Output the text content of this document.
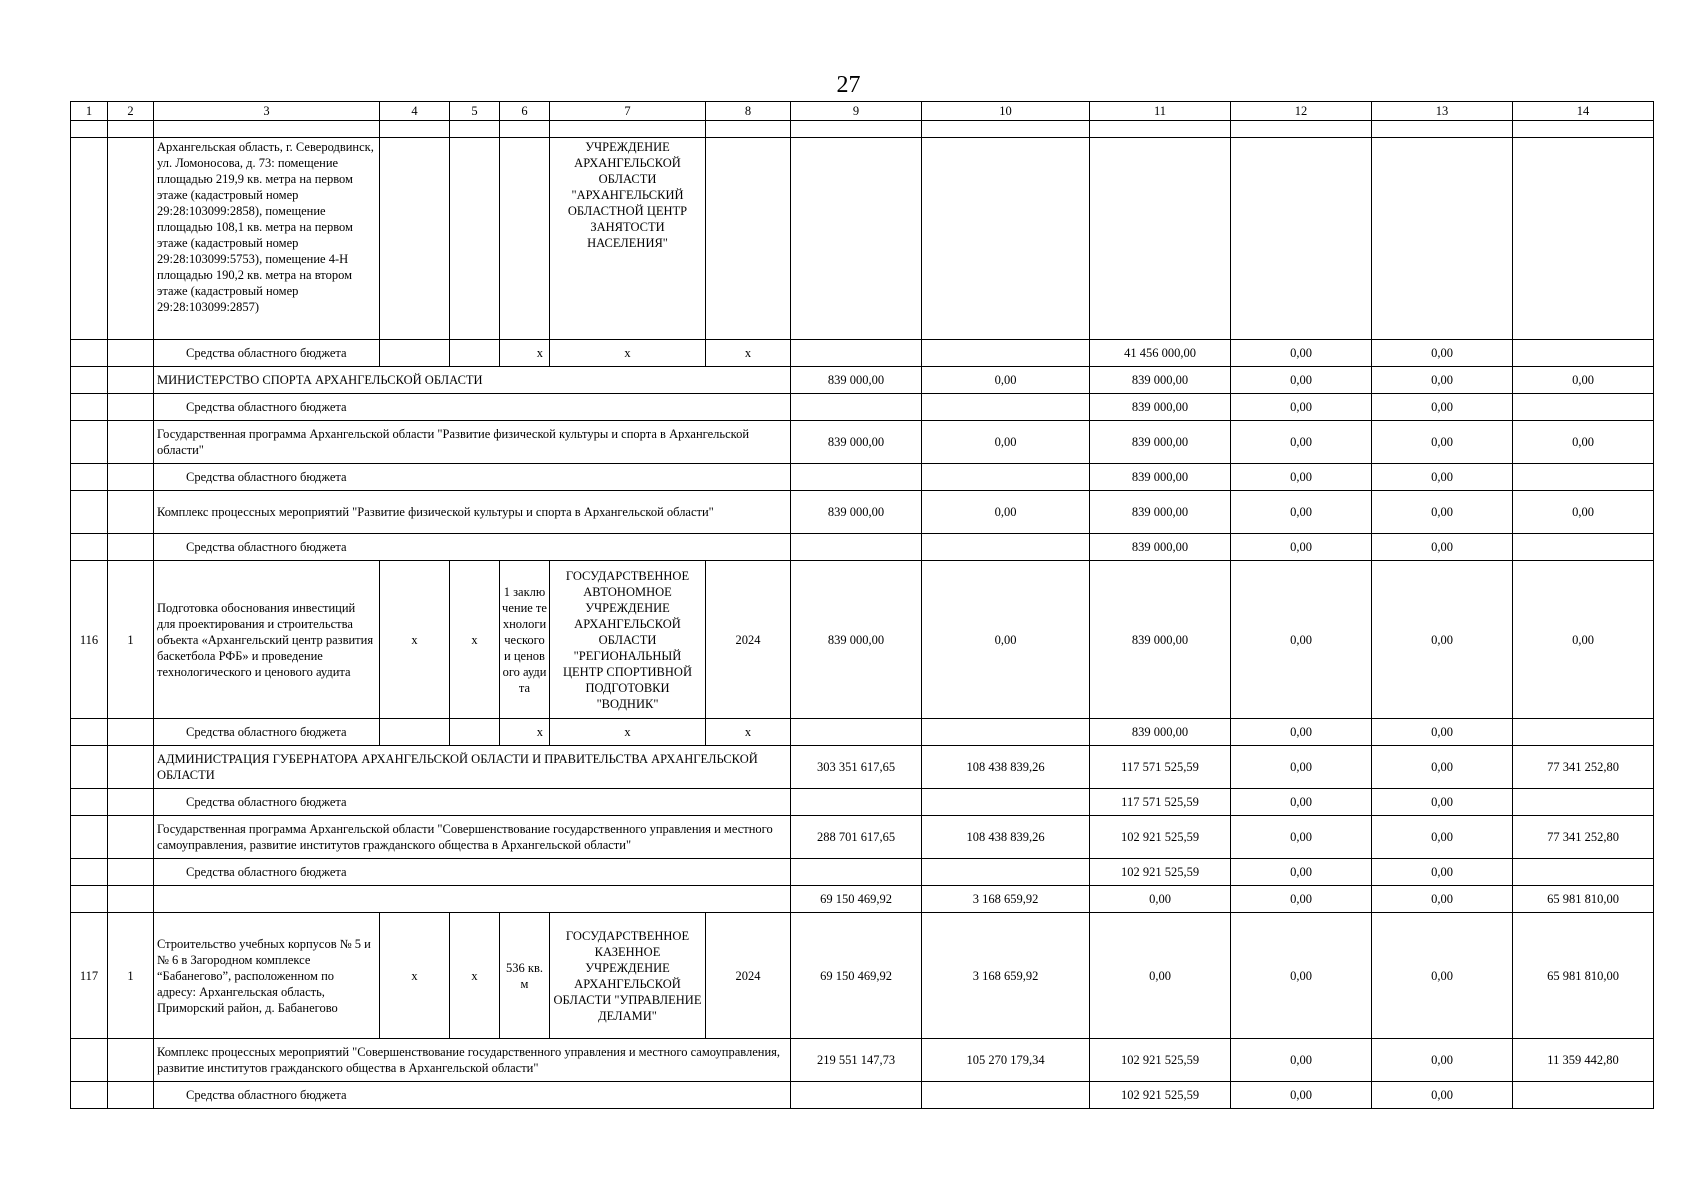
27
1	2	3	4	5	6	7	8	9	10	11	12	13	14

		Архангельская область, г. Северодвинск, ул. Ломоносова, д. 73: помещение площадью 219,9 кв. метра на первом этаже (кадастровый номер 29:28:103099:2858), помещение площадью 108,1 кв. метра на первом этаже (кадастровый номер 29:28:103099:5753), помещение 4-Н площадью 190,2 кв. метра на втором этаже (кадастровый номер 29:28:103099:2857)				УЧРЕЖДЕНИЕ АРХАНГЕЛЬСКОЙ ОБЛАСТИ "АРХАНГЕЛЬСКИЙ ОБЛАСТНОЙ ЦЕНТР ЗАНЯТОСТИ НАСЕЛЕНИЯ"							
		Средства областного бюджета			х	х	х			41 456 000,00	0,00	0,00	
		МИНИСТЕРСТВО СПОРТА АРХАНГЕЛЬСКОЙ ОБЛАСТИ						839 000,00	0,00	839 000,00	0,00	0,00	0,00
		Средства областного бюджета								839 000,00	0,00	0,00	
		Государственная программа Архангельской области "Развитие физической культуры и спорта в Архангельской области"						839 000,00	0,00	839 000,00	0,00	0,00	0,00
		Средства областного бюджета								839 000,00	0,00	0,00	
		Комплекс процессных мероприятий "Развитие физической культуры и спорта в Архангельской области"						839 000,00	0,00	839 000,00	0,00	0,00	0,00
		Средства областного бюджета								839 000,00	0,00	0,00	
116	1	Подготовка обоснования инвестиций для проектирования и строительства объекта «Архангельский центр развития баскетбола РФБ» и проведение технологического и ценового аудита	х	х	1 заключение технологического и ценового аудита	ГОСУДАРСТВЕННОЕ АВТОНОМНОЕ УЧРЕЖДЕНИЕ АРХАНГЕЛЬСКОЙ ОБЛАСТИ "РЕГИОНАЛЬНЫЙ ЦЕНТР СПОРТИВНОЙ ПОДГОТОВКИ "ВОДНИК"	2024	839 000,00	0,00	839 000,00	0,00	0,00	0,00
		Средства областного бюджета			х	х	х			839 000,00	0,00	0,00	
		АДМИНИСТРАЦИЯ ГУБЕРНАТОРА АРХАНГЕЛЬСКОЙ ОБЛАСТИ И ПРАВИТЕЛЬСТВА АРХАНГЕЛЬСКОЙ ОБЛАСТИ						303 351 617,65	108 438 839,26	117 571 525,59	0,00	0,00	77 341 252,80
		Средства областного бюджета								117 571 525,59	0,00	0,00	
		Государственная программа Архангельской области "Совершенствование государственного управления и местного самоуправления, развитие институтов гражданского общества в Архангельской области"						288 701 617,65	108 438 839,26	102 921 525,59	0,00	0,00	77 341 252,80
		Средства областного бюджета								102 921 525,59	0,00	0,00	
								69 150 469,92	3 168 659,92	0,00	0,00	0,00	65 981 810,00
117	1	Строительство учебных корпусов № 5 и № 6 в Загородном комплексе “Бабанегово”, расположенном по адресу: Архангельская область, Приморский район, д. Бабанегово	х	х	536 кв. м	ГОСУДАРСТВЕННОЕ КАЗЕННОЕ УЧРЕЖДЕНИЕ АРХАНГЕЛЬСКОЙ ОБЛАСТИ "УПРАВЛЕНИЕ ДЕЛАМИ"	2024	69 150 469,92	3 168 659,92	0,00	0,00	0,00	65 981 810,00
		Комплекс процессных мероприятий "Совершенствование государственного управления и местного самоуправления, развитие институтов гражданского общества в Архангельской области"						219 551 147,73	105 270 179,34	102 921 525,59	0,00	0,00	11 359 442,80
		Средства областного бюджета								102 921 525,59	0,00	0,00	
